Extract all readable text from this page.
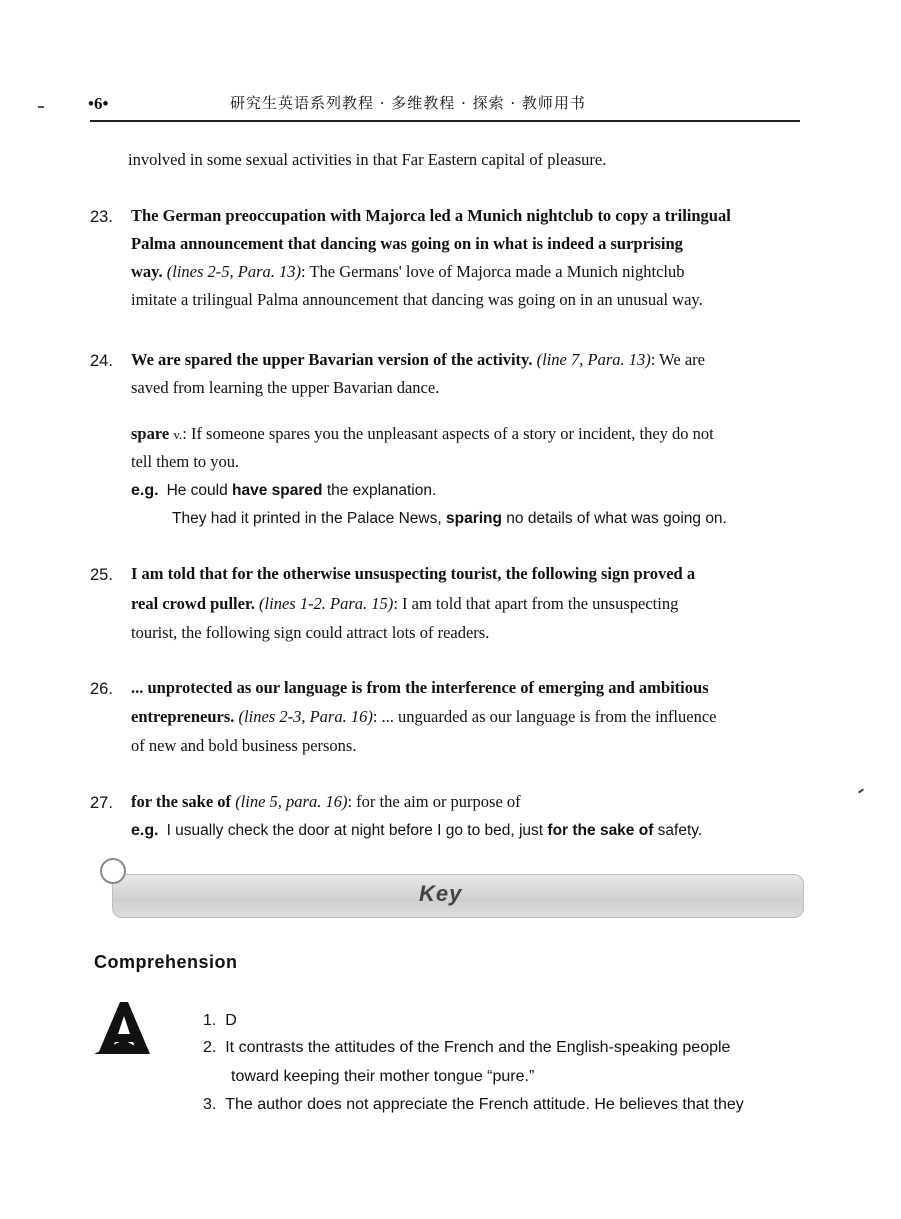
•6•	研究生英语系列教程 · 多维教程 · 探索 · 教师用书
involved in some sexual activities in that Far Eastern capital of pleasure.
23. The German preoccupation with Majorca led a Munich nightclub to copy a trilingual
Palma announcement that dancing was going on in what is indeed a surprising
way. (lines 2-5, Para. 13): The Germans' love of Majorca made a Munich nightclub
imitate a trilingual Palma announcement that dancing was going on in an unusual way.
24. We are spared the upper Bavarian version of the activity. (line 7, Para. 13): We are
saved from learning the upper Bavarian dance.
spare v.: If someone spares you the unpleasant aspects of a story or incident, they do not
tell them to you.
e.g. He could have spared the explanation.
They had it printed in the Palace News, sparing no details of what was going on.
25. I am told that for the otherwise unsuspecting tourist, the following sign proved a
real crowd puller. (lines 1-2. Para. 15): I am told that apart from the unsuspecting
tourist, the following sign could attract lots of readers.
26. ... unprotected as our language is from the interference of emerging and ambitious
entrepreneurs. (lines 2-3, Para. 16): ... unguarded as our language is from the influence
of new and bold business persons.
27. for the sake of (line 5, para. 16): for the aim or purpose of
e.g. I usually check the door at night before I go to bed, just for the sake of safety.
Key
Comprehension
A
1. D
2. It contrasts the attitudes of the French and the English-speaking people
toward keeping their mother tongue “pure.”
3. The author does not appreciate the French attitude. He believes that they
